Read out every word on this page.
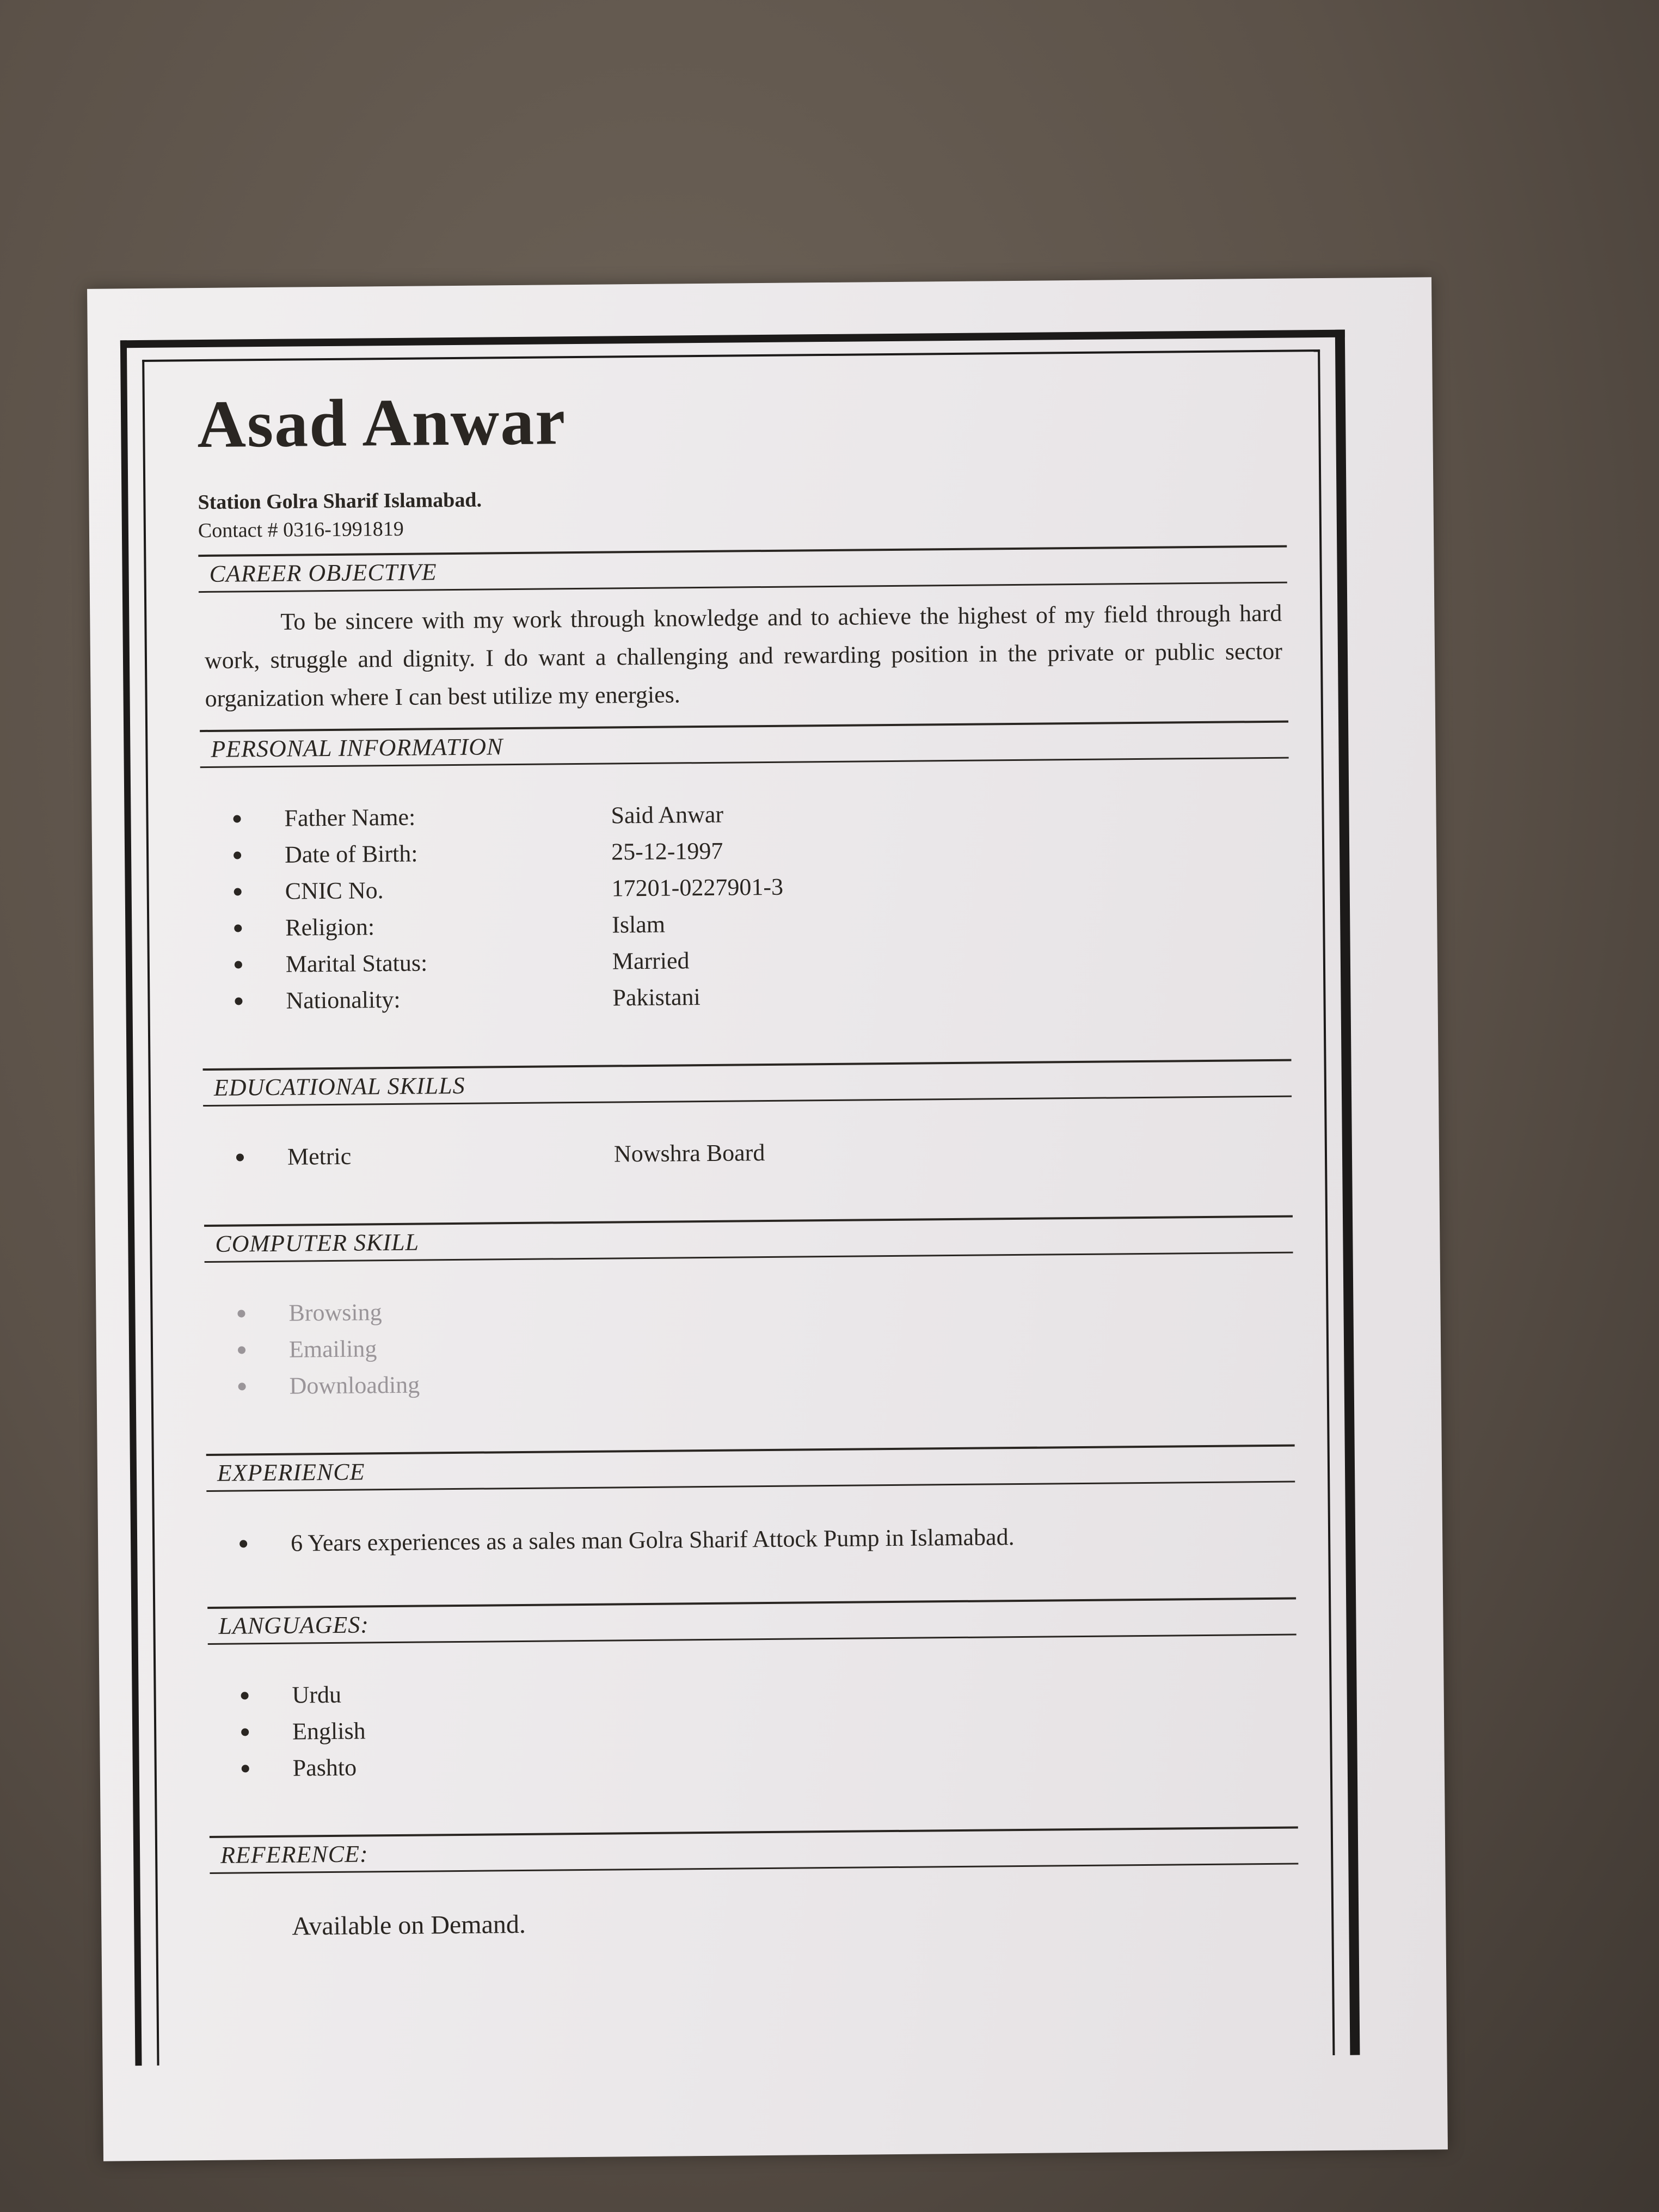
Asad Anwar

Station Golra Sharif Islamabad.

Contact # 0316-1991819

CAREER OBJECTIVE

To be sincere with my work through knowledge and to achieve the highest of my field through hard work, struggle and dignity. I do want a challenging and rewarding position in the private or public sector organization where I can best utilize my energies.

PERSONAL INFORMATION
Father Name:	Said Anwar
Date of Birth:	25-12-1997
CNIC No.	17201-0227901-3
Religion:	Islam
Marital Status:	Married
Nationality:	Pakistani
EDUCATIONAL SKILLS
Metric	Nowshra Board
COMPUTER SKILL
Browsing
Emailing
Downloading
EXPERIENCE
6 Years experiences as a sales man Golra Sharif Attock Pump in Islamabad.
LANGUAGES:
Urdu
English
Pashto
REFERENCE:

Available on Demand.
